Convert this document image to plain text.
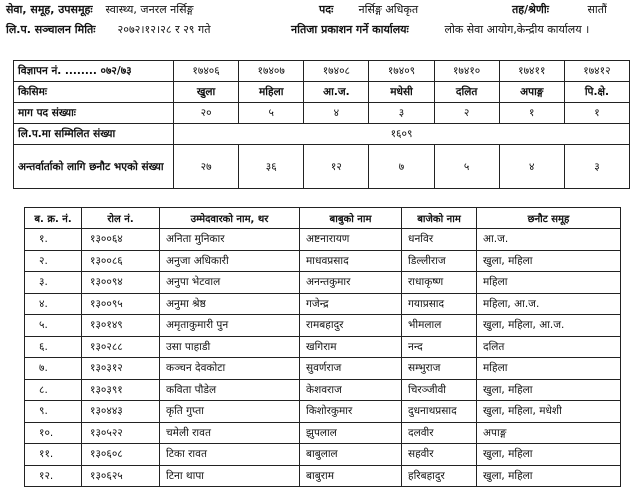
सेवा, समूह, उपसमूहः स्वास्थ्य, जनरल नर्सिङ्ग	पदः नर्सिङ्ग अधिकृत	तह/श्रेणीः	सातौं
लि.प. सञ्चालन मितिः २०७२।१२।२८ र २९ गते	नतिजा प्रकाशन गर्ने कार्यालयः	लोक सेवा आयोग,केन्द्रीय कार्यालय ।
विज्ञापन नं. ........ ०७२/७३	१७४०६	१७४०७	१७४०८	१७४०९	१७४१०	१७४११	१७४१२
किसिमः	खुला	महिला	आ.ज.	मधेसी	दलित	अपाङ्ग	पि.क्षे.
माग पद संख्याः	२०	५	४	३	२	१	१
लि.प.मा सम्मिलित संख्या	१६०९						
अन्तर्वार्ताको लागि छनौट भएको संख्या	२७	३६	१२	७	५	४	३
ब. क्र. नं.	रोल नं.	उम्मेदवारको नाम, थर	बाबुको नाम	बाजेको नाम	छनौट समूह
१.	१३००६४	अनिता मुनिकार	अष्टनारायण	धनविर	आ.ज.
२.	१३००८६	अनुजा अधिकारी	माधवप्रसाद	डिल्लीराज	खुला, महिला
३.	१३००९४	अनुपा भेटवाल	अनन्तकुमार	राधाकृष्ण	महिला
४.	१३००९५	अनुमा श्रेष्ठ	गजेन्द्र	गयाप्रसाद	महिला, आ.ज.
५.	१३०१४९	अमृताकुमारी पुन	रामबहादुर	भीमलाल	खुला, महिला, आ.ज.
६.	१३०२८८	उसा पाहाडी	खगिराम	नन्द	दलित
७.	१३०३१२	कञ्चन देवकोटा	सुवर्णराज	सम्भुराज	महिला
८.	१३०३९१	कविता पौडेल	केशवराज	चिरञ्जीवी	खुला, महिला
९.	१३०४४३	कृति गुप्ता	किशोरकुमार	दुधनाथप्रसाद	खुला, महिला, मधेशी
१०.	१३०५२२	चमेली रावत	झुपलाल	दलवीर	अपाङ्ग
११.	१३०६०८	टिका रावत	बाबुलाल	सहवीर	खुला, महिला
१२.	१३०६२५	टिना थापा	बाबुराम	हरिबहादुर	खुला, महिला
